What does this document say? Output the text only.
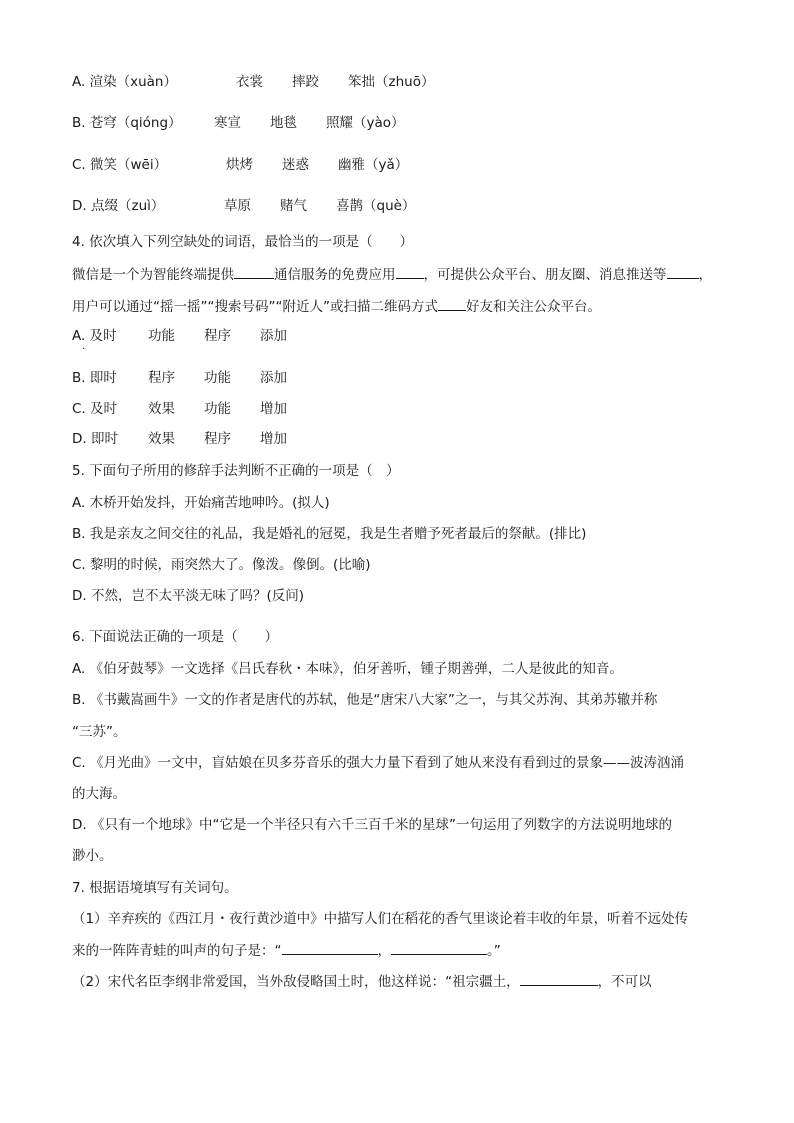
A. 渲染（xuàn）	衣裳 摔跤 笨拙（zhuō）
B. 苍穹（qióng） 寒宣 地毯 照耀（yào）
C. 微笑（wēi）	烘烤 迷惑 幽雅（yǎ）
D. 点缀（zuì）	草原 赌气 喜鹊（què）
4. 依次填入下列空缺处的词语，最恰当的一项是（　　）
微信是一个为智能终端提供	通信服务的免费应用 ，可提供公众平台、朋友圈、消息推送等 ，
用户可以通过“摇一摇”“搜索号码”“附近人”或扫描二维码方式 好友和关注公众平台。
A. 及时 功能 程序 添加
·
B. 即时 程序 功能 添加
C. 及时 效果 功能 增加
D. 即时 效果 程序 增加
5. 下面句子所用的修辞手法判断不正确的一项是（　）
A. 木桥开始发抖，开始痛苦地呻吟。(拟人)
B. 我是亲友之间交往的礼品，我是婚礼的冠冕，我是生者赠予死者最后的祭献。(排比)
C. 黎明的时候，雨突然大了。像泼。像倒。(比喻)
D. 不然，岂不太平淡无味了吗？(反问)
6. 下面说法正确的一项是（　　）
A. 《伯牙鼓琴》一文选择《吕氏春秋・本味》，伯牙善听，锺子期善弹，二人是彼此的知音。
B. 《书戴嵩画牛》一文的作者是唐代的苏轼，他是“唐宋八大家”之一，与其父苏洵、其弟苏辙并称
“三苏”。
C. 《月光曲》一文中，盲姑娘在贝多芬音乐的强大力量下看到了她从来没有看到过的景象——波涛汹涌
的大海。
D. 《只有一个地球》中“它是一个半径只有六千三百千米的星球”一句运用了列数字的方法说明地球的
渺小。
7. 根据语境填写有关词句。
（1）辛弃疾的《西江月・夜行黄沙道中》中描写人们在稻花的香气里谈论着丰收的年景，听着不远处传
来的一阵阵青蛙的叫声的句子是：“	，	。”
（2）宋代名臣李纲非常爱国，当外敌侵略国土时，他这样说：“祖宗疆土，	，不可以
